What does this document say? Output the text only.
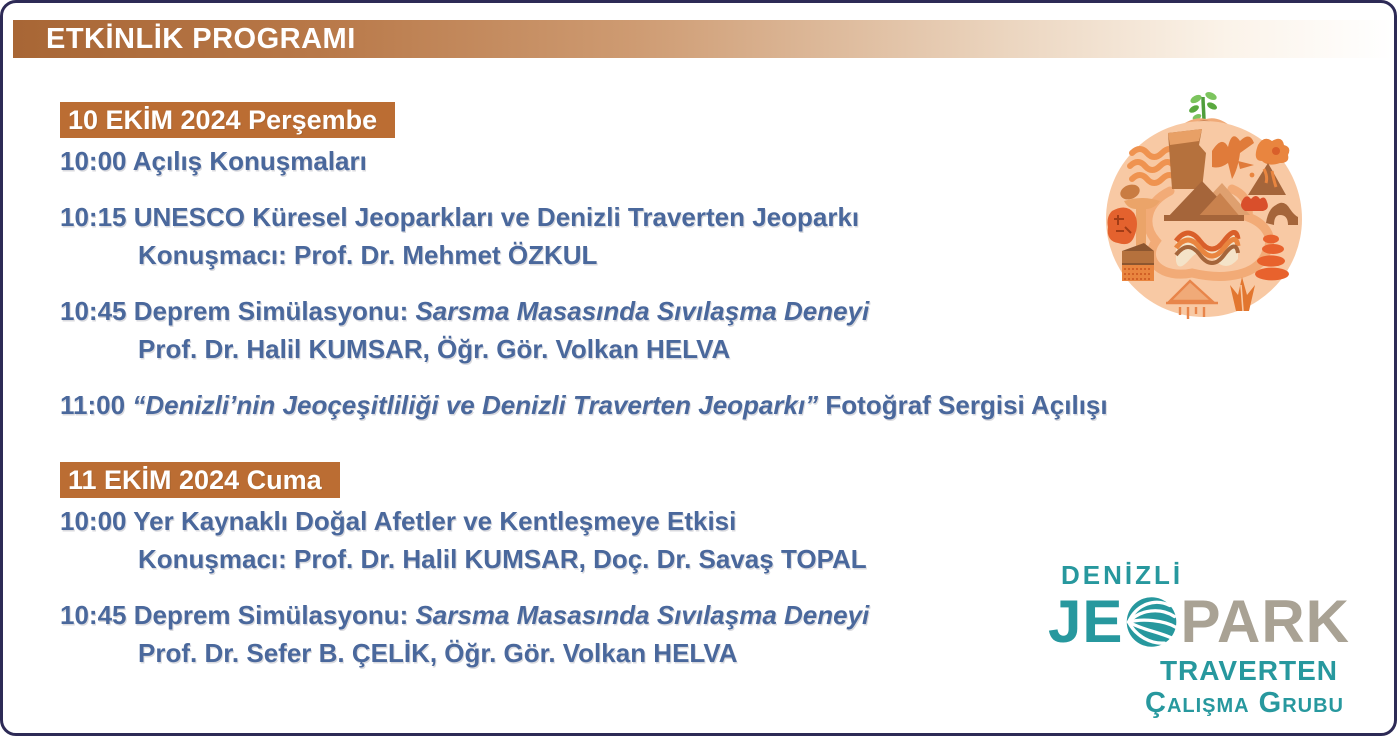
ETKİNLİK PROGRAMI
10 EKİM 2024 Perşembe
10:00 Açılış Konuşmaları
10:15 UNESCO Küresel Jeoparkları ve Denizli Traverten Jeoparkı
Konuşmacı: Prof. Dr. Mehmet ÖZKUL
10:45 Deprem Simülasyonu: Sarsma Masasında Sıvılaşma Deneyi
Prof. Dr. Halil KUMSAR, Öğr. Gör. Volkan HELVA
11:00 “Denizli’nin Jeoçeşitliliği ve Denizli Traverten Jeoparkı” Fotoğraf Sergisi Açılışı
11 EKİM 2024 Cuma
10:00 Yer Kaynaklı Doğal Afetler ve Kentleşmeye Etkisi
Konuşmacı: Prof. Dr. Halil KUMSAR, Doç. Dr. Savaş TOPAL
10:45 Deprem Simülasyonu: Sarsma Masasında Sıvılaşma Deneyi
Prof. Dr. Sefer B. ÇELİK, Öğr. Gör. Volkan HELVA
DENİZLİ
JE PARK
TRAVERTEN
Çalışma Grubu
